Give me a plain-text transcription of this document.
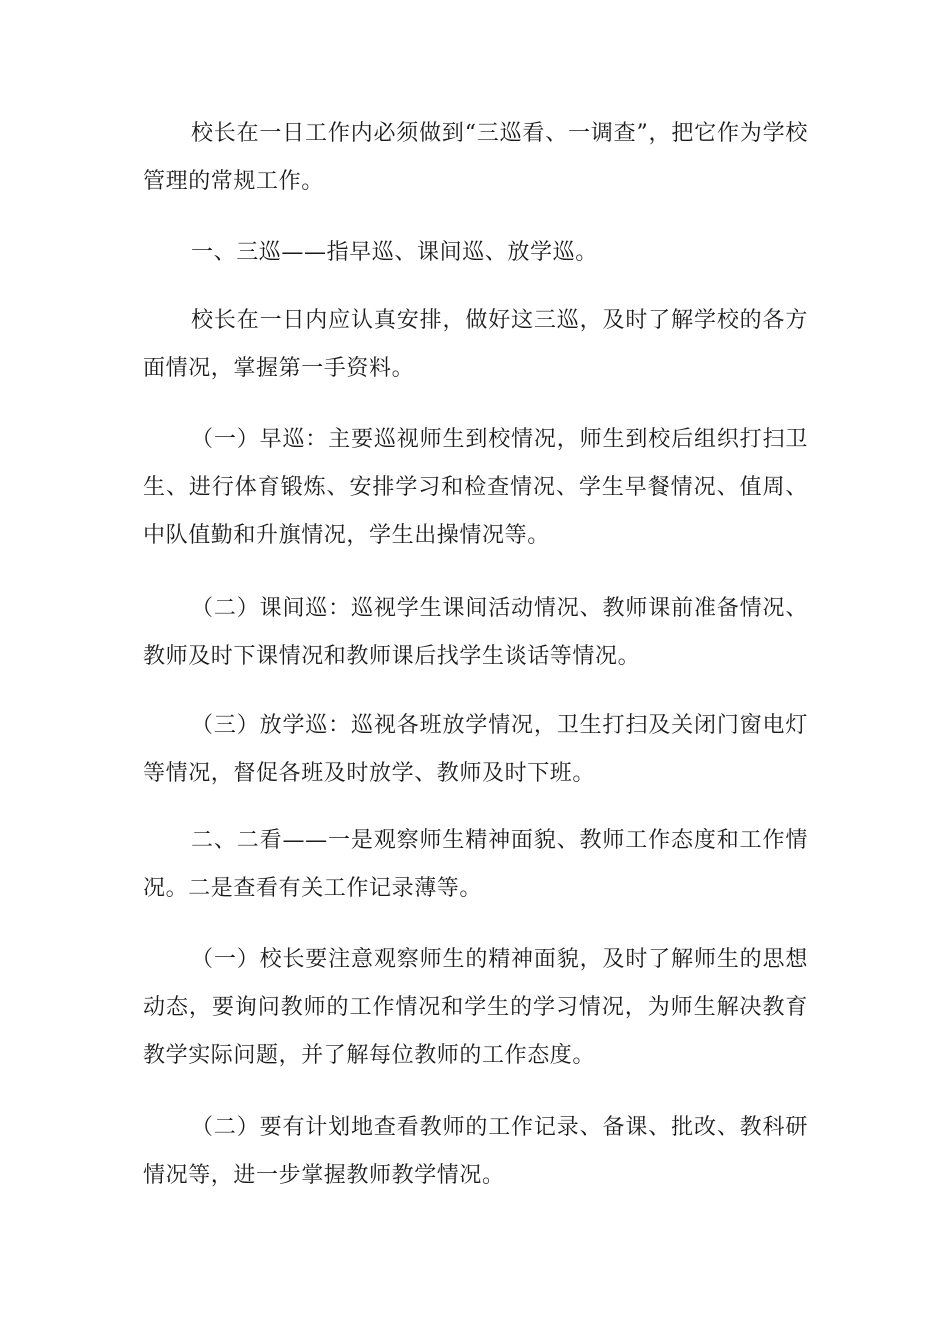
校长在一日工作内必须做到“三巡看、一调查”，把它作为学校管理的常规工作。

一、三巡——指早巡、课间巡、放学巡。

校长在一日内应认真安排，做好这三巡，及时了解学校的各方面情况，掌握第一手资料。

（一）早巡：主要巡视师生到校情况，师生到校后组织打扫卫生、进行体育锻炼、安排学习和检查情况、学生早餐情况、值周、中队值勤和升旗情况，学生出操情况等。

（二）课间巡：巡视学生课间活动情况、教师课前准备情况、教师及时下课情况和教师课后找学生谈话等情况。

（三）放学巡：巡视各班放学情况，卫生打扫及关闭门窗电灯等情况，督促各班及时放学、教师及时下班。

二、二看——一是观察师生精神面貌、教师工作态度和工作情况。二是查看有关工作记录薄等。

（一）校长要注意观察师生的精神面貌，及时了解师生的思想动态，要询问教师的工作情况和学生的学习情况，为师生解决教育教学实际问题，并了解每位教师的工作态度。

（二）要有计划地查看教师的工作记录、备课、批改、教科研情况等，进一步掌握教师教学情况。
